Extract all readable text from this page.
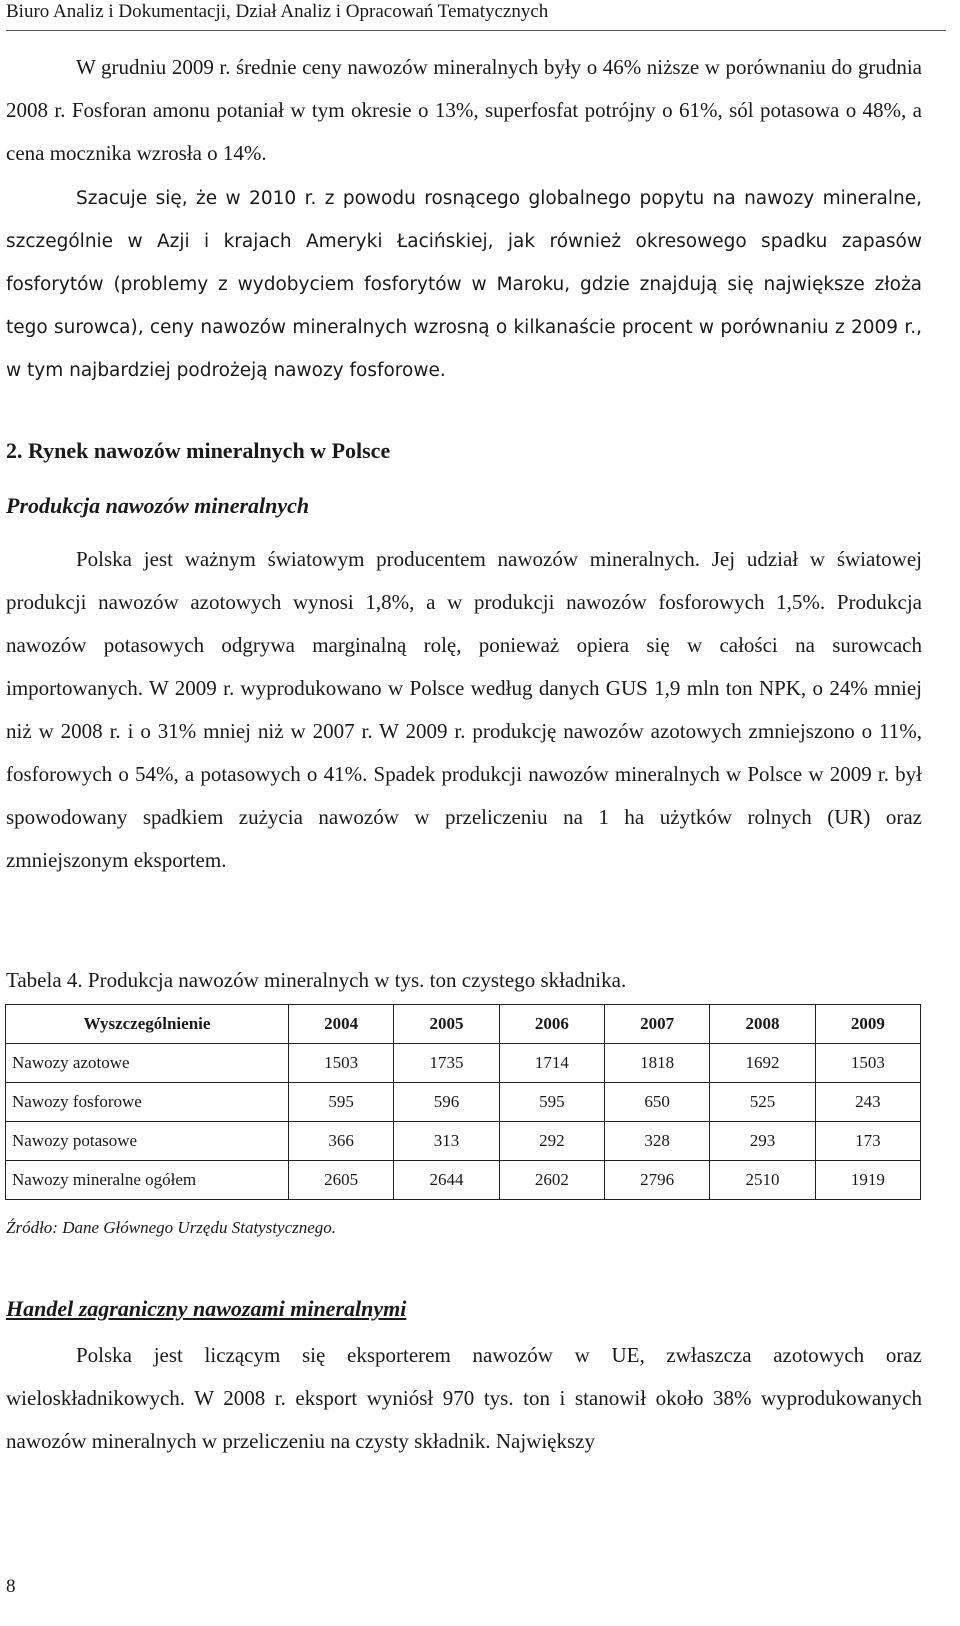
Biuro Analiz i Dokumentacji, Dział Analiz i Opracowań Tematycznych

W grudniu 2009 r. średnie ceny nawozów mineralnych były o 46% niższe w porównaniu do grudnia 2008 r. Fosforan amonu potaniał w tym okresie o 13%, superfosfat potrójny o 61%, sól potasowa o 48%, a cena mocznika wzrosła o 14%.

Szacuje się, że w 2010 r. z powodu rosnącego globalnego popytu na nawozy mineralne, szczególnie w Azji i krajach Ameryki Łacińskiej, jak również okresowego spadku zapasów fosforytów (problemy z wydobyciem fosforytów w Maroku, gdzie znajdują się największe złoża tego surowca), ceny nawozów mineralnych wzrosną o kilkanaście procent w porównaniu z 2009 r., w tym najbardziej podrożeją nawozy fosforowe.

2. Rynek nawozów mineralnych w Polsce
Produkcja nawozów mineralnych

Polska jest ważnym światowym producentem nawozów mineralnych. Jej udział w światowej produkcji nawozów azotowych wynosi 1,8%, a w produkcji nawozów fosforowych 1,5%. Produkcja nawozów potasowych odgrywa marginalną rolę, ponieważ opiera się w całości na surowcach importowanych. W 2009 r. wyprodukowano w Polsce według danych GUS 1,9 mln ton NPK, o 24% mniej niż w 2008 r. i o 31% mniej niż w 2007 r. W 2009 r. produkcję nawozów azotowych zmniejszono o 11%, fosforowych o 54%, a potasowych o 41%. Spadek produkcji nawozów mineralnych w Polsce w 2009 r. był spowodowany spadkiem zużycia nawozów w przeliczeniu na 1 ha użytków rolnych (UR) oraz zmniejszonym eksportem.

Tabela 4. Produkcja nawozów mineralnych w tys. ton czystego składnika.

Wyszczególnienie	2004	2005	2006	2007	2008	2009
Nawozy azotowe	1503	1735	1714	1818	1692	1503
Nawozy fosforowe	595	596	595	650	525	243
Nawozy potasowe	366	313	292	328	293	173
Nawozy mineralne ogółem	2605	2644	2602	2796	2510	1919

Źródło: Dane Głównego Urzędu Statystycznego.

Handel zagraniczny nawozami mineralnymi

Polska jest liczącym się eksporterem nawozów w UE, zwłaszcza azotowych oraz wieloskładnikowych. W 2008 r. eksport wyniósł 970 tys. ton i stanowił około 38% wyprodukowanych nawozów mineralnych w przeliczeniu na czysty składnik. Największy

8
